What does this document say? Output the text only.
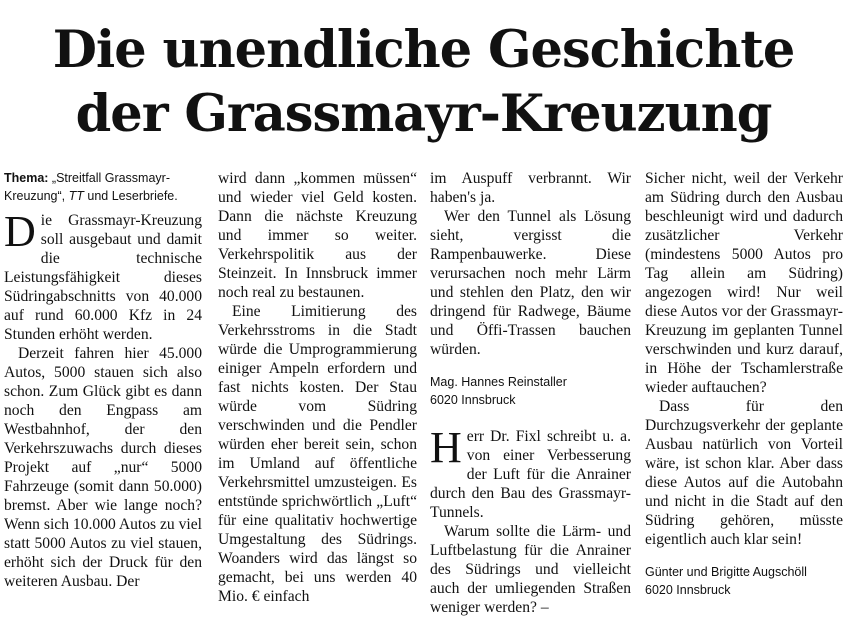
Die unendliche Geschichte
der Grassmayr-Kreuzung

Thema: „Streitfall Grassmayr-Kreuzung“, TT und Leserbriefe.

Die Grassmayr-Kreuzung soll ausgebaut und damit die technische Leistungsfähigkeit dieses Südringabschnitts von 40.000 auf rund 60.000 Kfz in 24 Stunden erhöht werden.

Derzeit fahren hier 45.000 Autos, 5000 stauen sich also schon. Zum Glück gibt es dann noch den Engpass am Westbahnhof, der den Verkehrszuwachs durch dieses Projekt auf „nur“ 5000 Fahrzeuge (somit dann 50.000) bremst. Aber wie lange noch? Wenn sich 10.000 Autos zu viel statt 5000 Autos zu viel stauen, erhöht sich der Druck für den weiteren Ausbau. Der

wird dann „kommen müssen“ und wieder viel Geld kosten. Dann die nächste Kreuzung und immer so weiter. Verkehrspolitik aus der Steinzeit. In Innsbruck immer noch real zu bestaunen.

Eine Limitierung des Verkehrsstroms in die Stadt würde die Umprogrammierung einiger Ampeln erfordern und fast nichts kosten. Der Stau würde vom Südring verschwinden und die Pendler würden eher bereit sein, schon im Umland auf öffentliche Verkehrsmittel umzusteigen. Es entstünde sprichwörtlich „Luft“ für eine qualitativ hochwertige Umgestaltung des Südrings. Woanders wird das längst so gemacht, bei uns werden 40 Mio. € einfach

im Auspuff verbrannt. Wir haben's ja.

Wer den Tunnel als Lösung sieht, vergisst die Rampenbauwerke. Diese verursachen noch mehr Lärm und stehlen den Platz, den wir dringend für Radwege, Bäume und Öffi-Trassen bauchen würden.

Mag. Hannes Reinstaller
6020 Innsbruck

Herr Dr. Fixl schreibt u. a. von einer Verbesserung der Luft für die Anrainer durch den Bau des Grassmayr-Tunnels.

Warum sollte die Lärm- und Luftbelastung für die Anrainer des Südrings und vielleicht auch der umliegenden Straßen weniger werden? –

Sicher nicht, weil der Verkehr am Südring durch den Ausbau beschleunigt wird und dadurch zusätzlicher Verkehr (mindestens 5000 Autos pro Tag allein am Südring) angezogen wird! Nur weil diese Autos vor der Grassmayr-Kreuzung im geplanten Tunnel verschwinden und kurz darauf, in Höhe der Tschamlerstraße wieder auftauchen?

Dass für den Durchzugsverkehr der geplante Ausbau natürlich von Vorteil wäre, ist schon klar. Aber dass diese Autos auf die Autobahn und nicht in die Stadt auf den Südring gehören, müsste eigentlich auch klar sein!

Günter und Brigitte Augschöll
6020 Innsbruck
